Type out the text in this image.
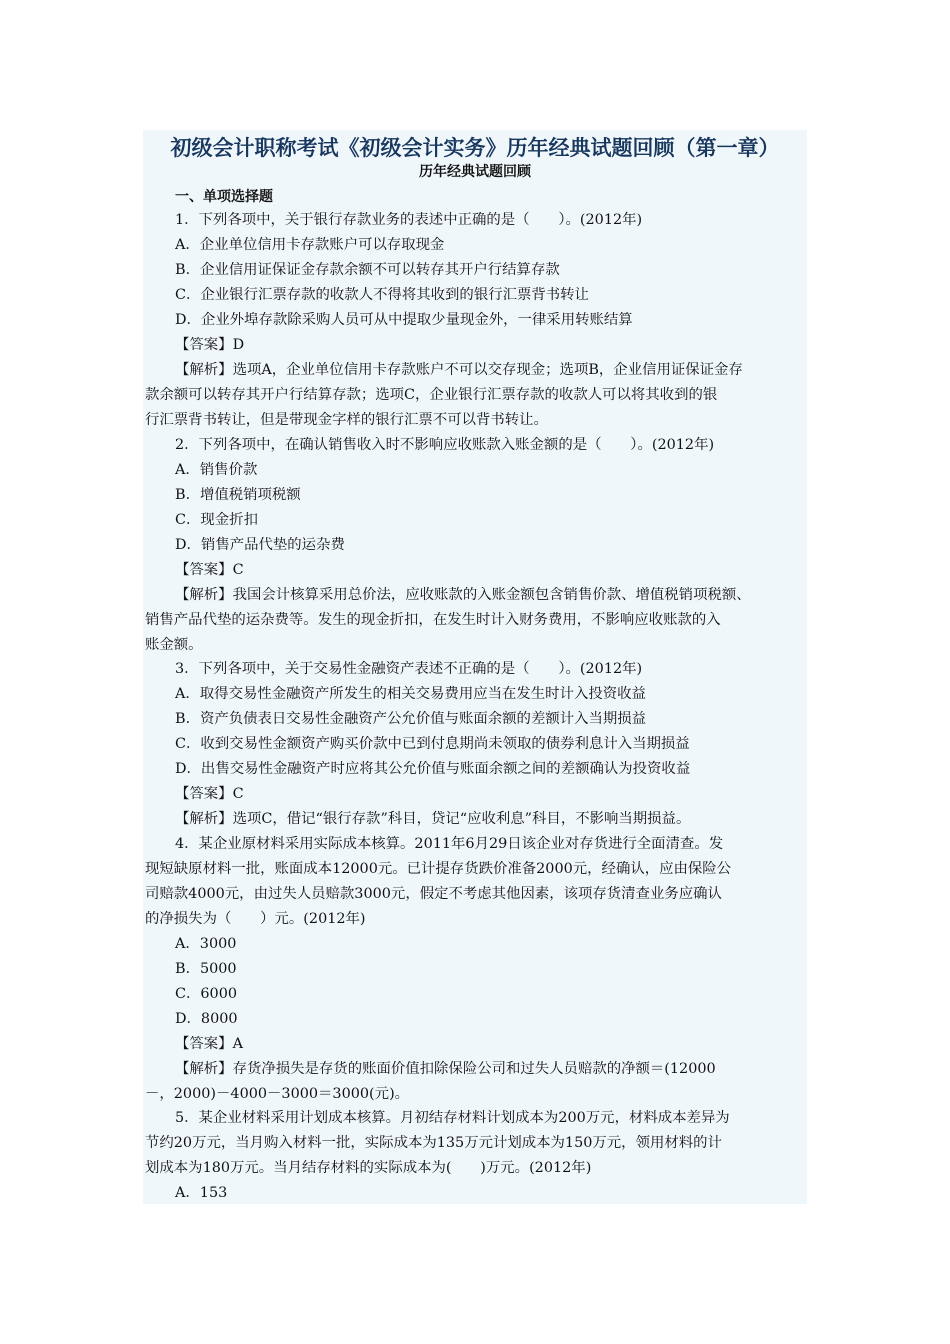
初级会计职称考试《初级会计实务》历年经典试题回顾（第一章）
历年经典试题回顾
一、单项选择题
1．下列各项中，关于银行存款业务的表述中正确的是（　　）。(2012年)
A．企业单位信用卡存款账户可以存取现金
B．企业信用证保证金存款余额不可以转存其开户行结算存款
C．企业银行汇票存款的收款人不得将其收到的银行汇票背书转让
D．企业外埠存款除采购人员可从中提取少量现金外，一律采用转账结算
【答案】D
【解析】选项A，企业单位信用卡存款账户不可以交存现金；选项B，企业信用证保证金存
款余额可以转存其开户行结算存款；选项C，企业银行汇票存款的收款人可以将其收到的银
行汇票背书转让，但是带现金字样的银行汇票不可以背书转让。
2．下列各项中，在确认销售收入时不影响应收账款入账金额的是（　　）。(2012年)
A．销售价款
B．增值税销项税额
C．现金折扣
D．销售产品代垫的运杂费
【答案】C
【解析】我国会计核算采用总价法，应收账款的入账金额包含销售价款、增值税销项税额、
销售产品代垫的运杂费等。发生的现金折扣，在发生时计入财务费用，不影响应收账款的入
账金额。
3．下列各项中，关于交易性金融资产表述不正确的是（　　）。(2012年)
A．取得交易性金融资产所发生的相关交易费用应当在发生时计入投资收益
B．资产负债表日交易性金融资产公允价值与账面余额的差额计入当期损益
C．收到交易性金额资产购买价款中已到付息期尚未领取的债券利息计入当期损益
D．出售交易性金融资产时应将其公允价值与账面余额之间的差额确认为投资收益
【答案】C
【解析】选项C，借记“银行存款”科目，贷记“应收利息”科目，不影响当期损益。
4．某企业原材料采用实际成本核算。2011年6月29日该企业对存货进行全面清查。发
现短缺原材料一批，账面成本12000元。已计提存货跌价准备2000元，经确认，应由保险公
司赔款4000元，由过失人员赔款3000元，假定不考虑其他因素，该项存货清查业务应确认
的净损失为（　　）元。(2012年)
A．3000
B．5000
C．6000
D．8000
【答案】A
【解析】存货净损失是存货的账面价值扣除保险公司和过失人员赔款的净额＝(12000
－，2000)－4000－3000＝3000(元)。
5．某企业材料采用计划成本核算。月初结存材料计划成本为200万元，材料成本差异为
节约20万元，当月购入材料一批，实际成本为135万元计划成本为150万元，领用材料的计
划成本为180万元。当月结存材料的实际成本为(　　)万元。(2012年)
A．153
